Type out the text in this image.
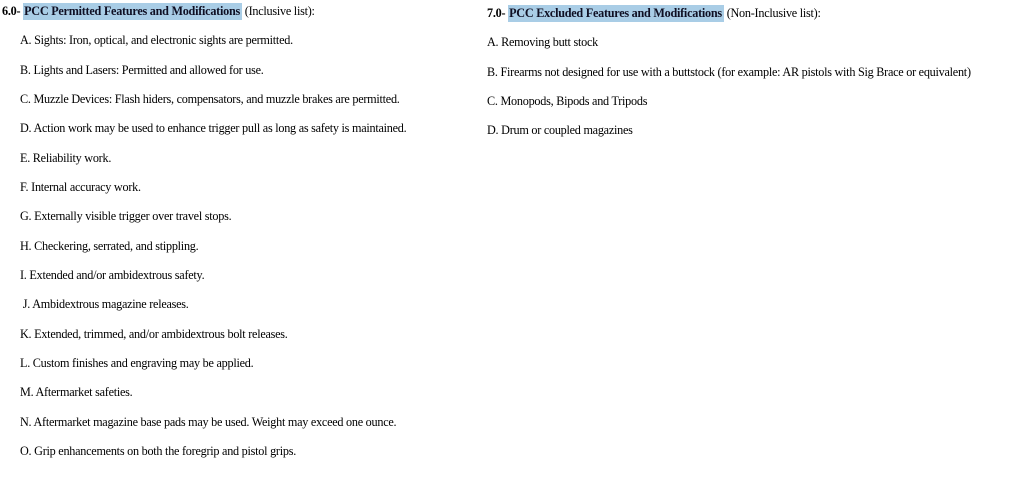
6.0- PCC Permitted Features and Modifications (Inclusive list):

A. Sights: Iron, optical, and electronic sights are permitted.

B. Lights and Lasers: Permitted and allowed for use.

C. Muzzle Devices: Flash hiders, compensators, and muzzle brakes are permitted.

D. Action work may be used to enhance trigger pull as long as safety is maintained.

E. Reliability work.

F. Internal accuracy work.

G. Externally visible trigger over travel stops.

H. Checkering, serrated, and stippling.

I. Extended and/or ambidextrous safety.

J. Ambidextrous magazine releases.

K. Extended, trimmed, and/or ambidextrous bolt releases.

L. Custom finishes and engraving may be applied.

M. Aftermarket safeties.

N. Aftermarket magazine base pads may be used. Weight may exceed one ounce.

O. Grip enhancements on both the foregrip and pistol grips.

7.0- PCC Excluded Features and Modifications (Non-Inclusive list):

A. Removing butt stock

B. Firearms not designed for use with a buttstock (for example: AR pistols with Sig Brace or equivalent)

C. Monopods, Bipods and Tripods

D. Drum or coupled magazines
